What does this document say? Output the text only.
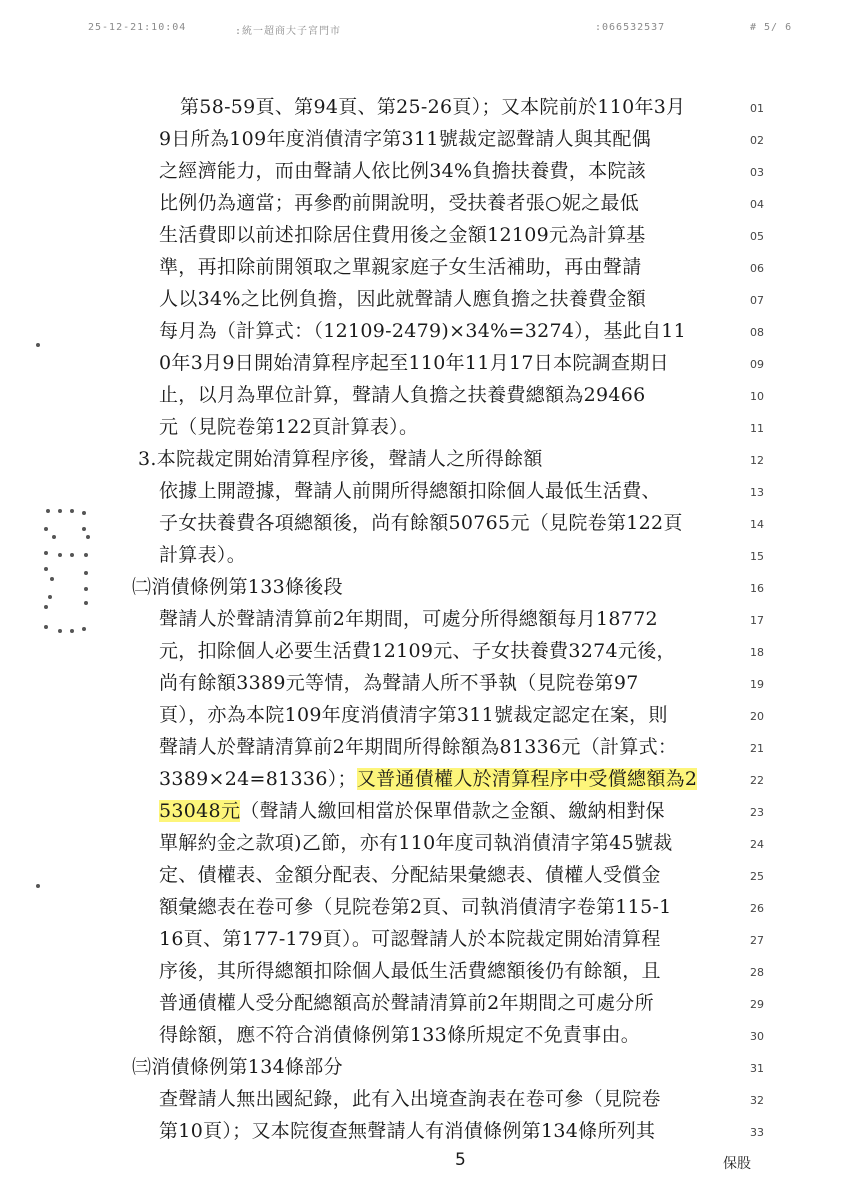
25-12-21:10:04	:統一超商大子宮門市	:066532537	# 5/ 6
第58-59頁、第94頁、第25-26頁）；又本院前於110年3月	01
9日所為109年度消債清字第311號裁定認聲請人與其配偶	02
之經濟能力，而由聲請人依比例34%負擔扶養費，本院該	03
比例仍為適當；再參酌前開說明，受扶養者張○妮之最低	04
生活費即以前述扣除居住費用後之金額12109元為計算基	05
準，再扣除前開領取之單親家庭子女生活補助，再由聲請	06
人以34%之比例負擔，因此就聲請人應負擔之扶養費金額	07
每月為（計算式：（12109-2479)×34%=3274），基此自11	08
0年3月9日開始清算程序起至110年11月17日本院調查期日	09
止，以月為單位計算，聲請人負擔之扶養費總額為29466	10
元（見院卷第122頁計算表）。	11
3.本院裁定開始清算程序後，聲請人之所得餘額	12
依據上開證據，聲請人前開所得總額扣除個人最低生活費、	13
子女扶養費各項總額後，尚有餘額50765元（見院卷第122頁	14
計算表）。	15
㈡消債條例第133條後段	16
聲請人於聲請清算前2年期間，可處分所得總額每月18772	17
元，扣除個人必要生活費12109元、子女扶養費3274元後，	18
尚有餘額3389元等情，為聲請人所不爭執（見院卷第97	19
頁），亦為本院109年度消債清字第311號裁定認定在案，則	20
聲請人於聲請清算前2年期間所得餘額為81336元（計算式：	21
3389×24=81336）；又普通債權人於清算程序中受償總額為2	22
53048元（聲請人繳回相當於保單借款之金額、繳納相對保	23
單解約金之款項)乙節，亦有110年度司執消債清字第45號裁	24
定、債權表、金額分配表、分配結果彙總表、債權人受償金	25
額彙總表在卷可參（見院卷第2頁、司執消債清字卷第115-1	26
16頁、第177-179頁）。可認聲請人於本院裁定開始清算程	27
序後，其所得總額扣除個人最低生活費總額後仍有餘額，且	28
普通債權人受分配總額高於聲請清算前2年期間之可處分所	29
得餘額，應不符合消債條例第133條所規定不免責事由。	30
㈢消債條例第134條部分	31
查聲請人無出國紀錄，此有入出境查詢表在卷可參（見院卷	32
第10頁）；又本院復查無聲請人有消債條例第134條所列其	33
5	保股
